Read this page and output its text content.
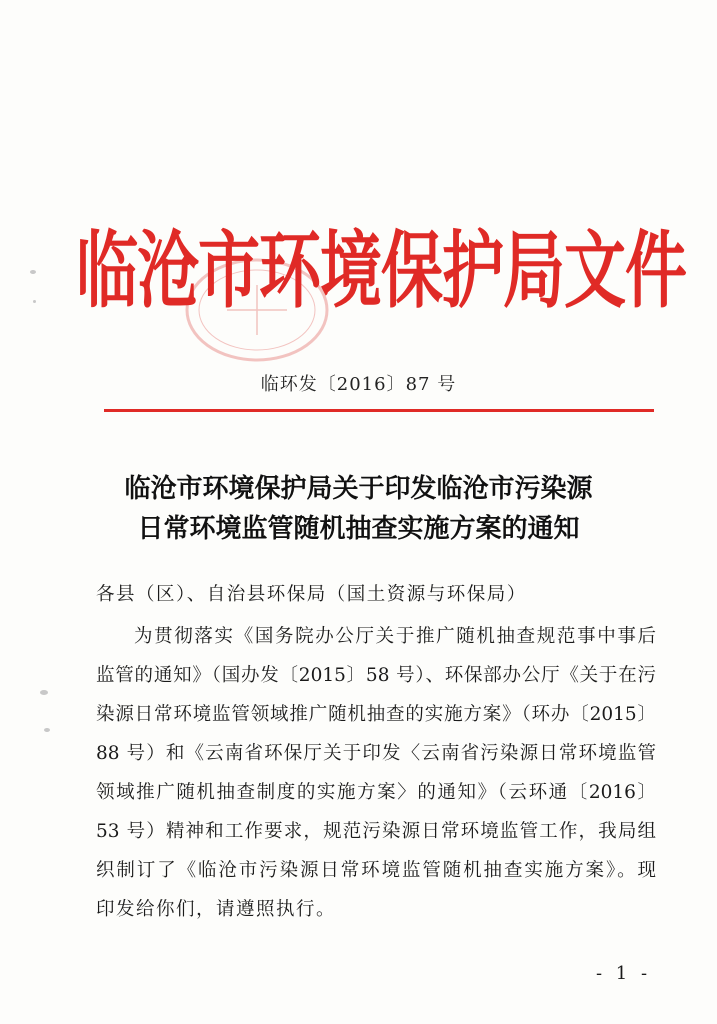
临沧市环境保护局文件
临环发〔2016〕87 号
临沧市环境保护局关于印发临沧市污染源
日常环境监管随机抽查实施方案的通知
各县（区）、自治县环保局（国土资源与环保局）
为贯彻落实《国务院办公厅关于推广随机抽查规范事中事后
监管的通知》（国办发〔2015〕58 号）、环保部办公厅《关于在污
染源日常环境监管领域推广随机抽查的实施方案》（环办〔2015〕
88 号）和《云南省环保厅关于印发〈云南省污染源日常环境监管
领域推广随机抽查制度的实施方案〉的通知》（云环通〔2016〕
53 号）精神和工作要求，规范污染源日常环境监管工作，我局组
织制订了《临沧市污染源日常环境监管随机抽查实施方案》。现
印发给你们，请遵照执行。
- 1 -
